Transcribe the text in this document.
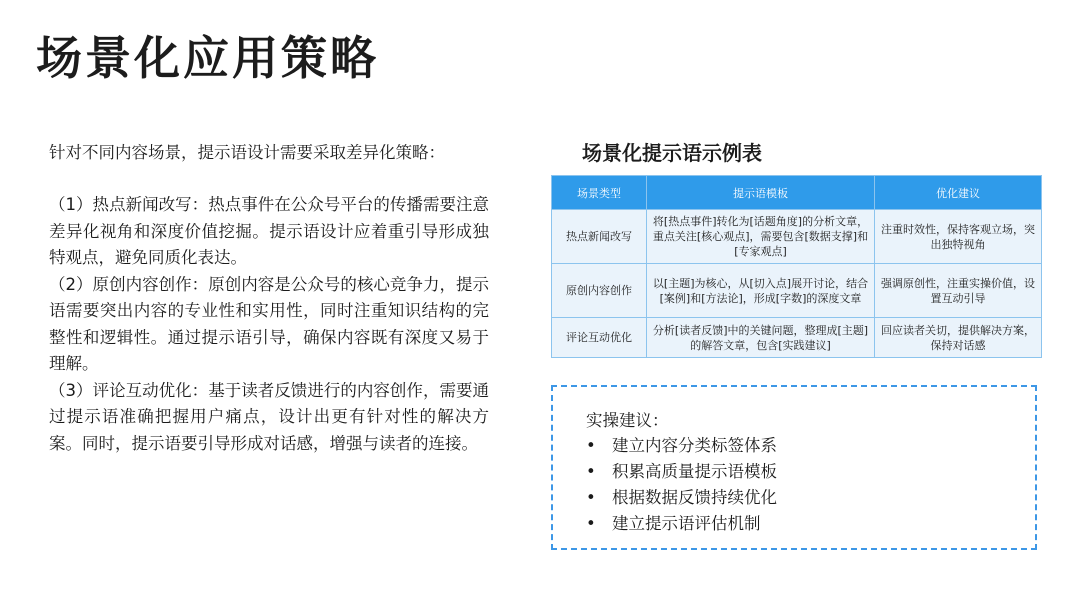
场景化应用策略

针对不同内容场景，提示语设计需要采取差异化策略：

（1）热点新闻改写：热点事件在公众号平台的传播需要注意差异化视角和深度价值挖掘。提示语设计应着重引导形成独特观点，避免同质化表达。

（2）原创内容创作：原创内容是公众号的核心竞争力，提示语需要突出内容的专业性和实用性，同时注重知识结构的完整性和逻辑性。通过提示语引导，确保内容既有深度又易于理解。

（3）评论互动优化：基于读者反馈进行的内容创作，需要通过提示语准确把握用户痛点，设计出更有针对性的解决方案。同时，提示语要引导形成对话感，增强与读者的连接。

场景化提示语示例表
场景类型	提示语模板	优化建议
热点新闻改写	将[热点事件]转化为[话题角度]的分析文章，重点关注[核心观点]，需要包含[数据支撑]和[专家观点]	注重时效性，保持客观立场，突出独特视角
原创内容创作	以[主题]为核心，从[切入点]展开讨论，结合[案例]和[方法论]，形成[字数]的深度文章	强调原创性，注重实操价值，设置互动引导
评论互动优化	分析[读者反馈]中的关键问题，整理成[主题]的解答文章，包含[实践建议]	回应读者关切，提供解决方案，保持对话感
实操建议：
• 建立内容分类标签体系
• 积累高质量提示语模板
• 根据数据反馈持续优化
• 建立提示语评估机制
